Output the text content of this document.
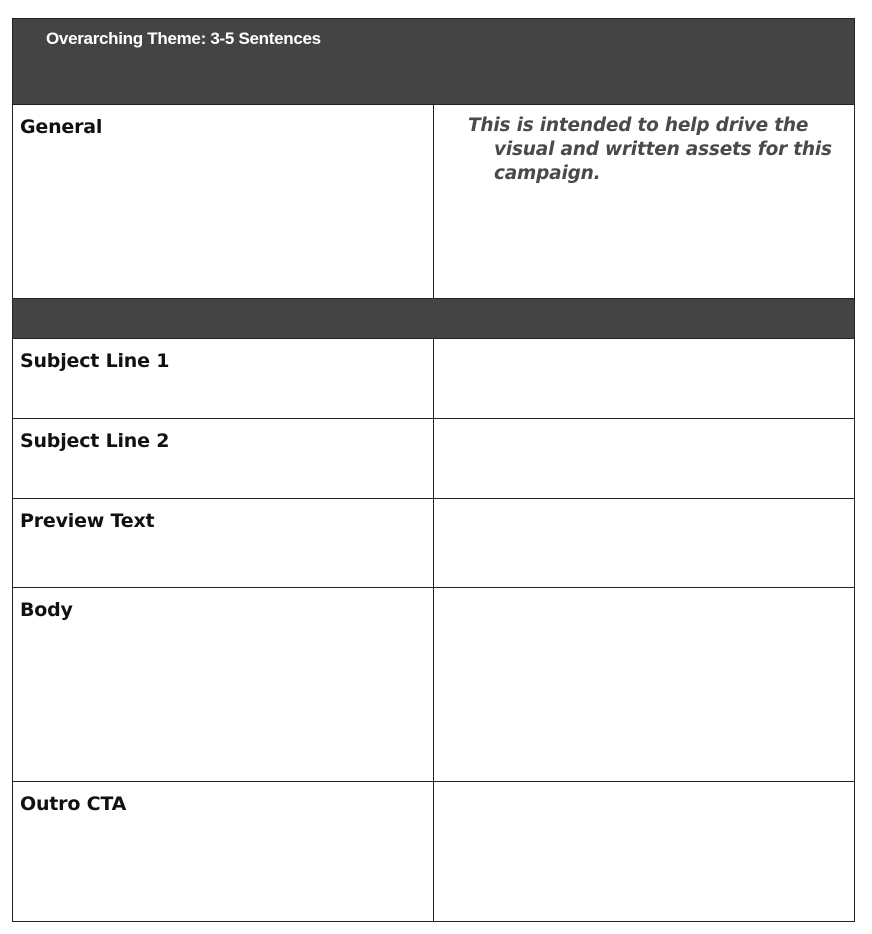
Overarching Theme: 3-5 Sentences	

General	This is intended to help drive the visual and written assets for this campaign.

Subject Line 1	

Subject Line 2	

Preview Text	

Body	

Outro CTA	
